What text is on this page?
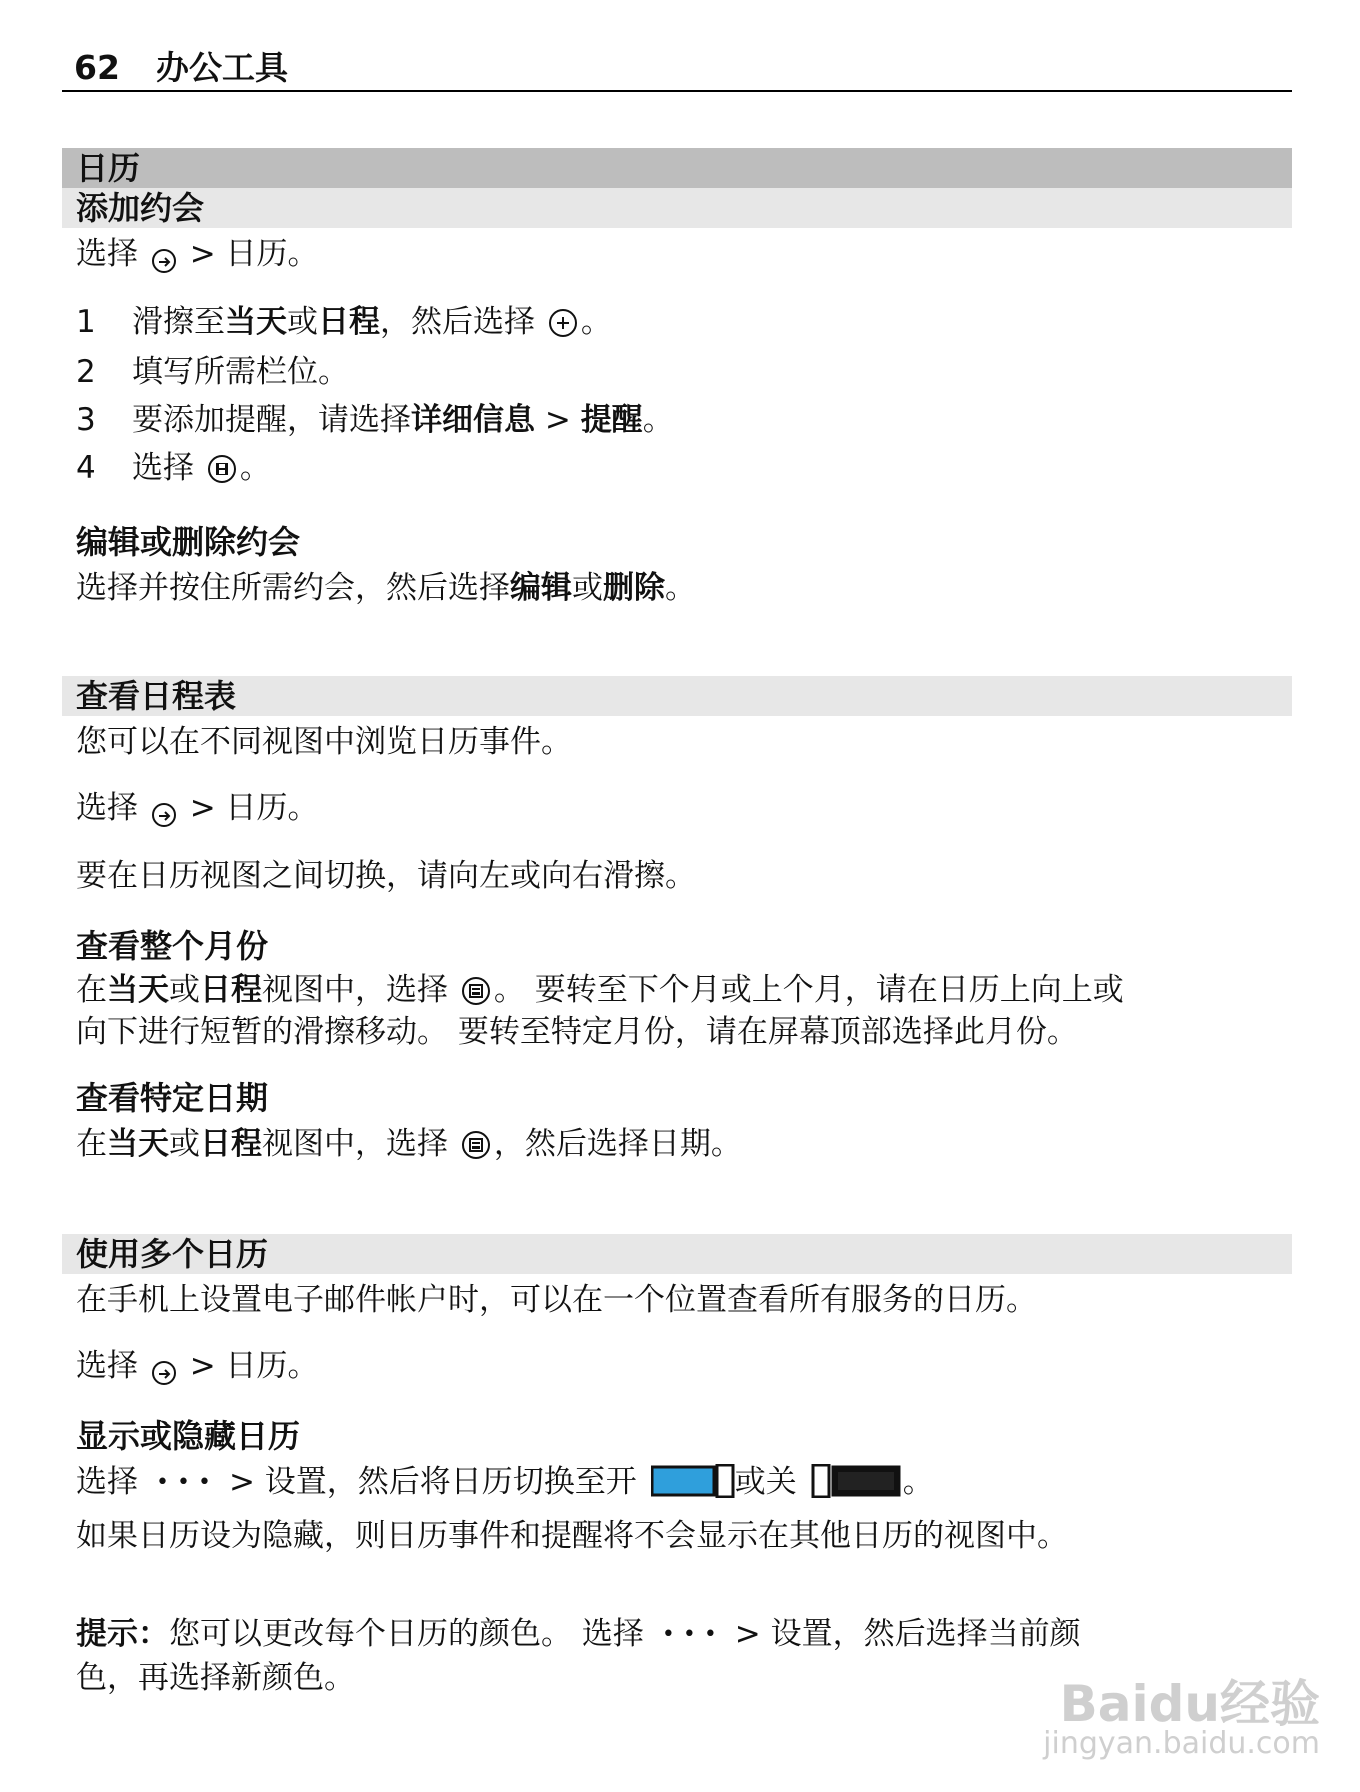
62 办公工具
日历
添加约会
选择 > 日历。
1 滑擦至当天或日程，然后选择 。
2 填写所需栏位。
3 要添加提醒，请选择详细信息 > 提醒。
4 选择 。
编辑或删除约会
选择并按住所需约会，然后选择编辑或删除。
查看日程表
您可以在不同视图中浏览日历事件。
选择 > 日历。
要在日历视图之间切换，请向左或向右滑擦。
查看整个月份
在当天或日程视图中，选择 。 要转至下个月或上个月，请在日历上向上或
向下进行短暂的滑擦移动。 要转至特定月份，请在屏幕顶部选择此月份。
查看特定日期
在当天或日程视图中，选择 ，然后选择日期。
使用多个日历
在手机上设置电子邮件帐户时，可以在一个位置查看所有服务的日历。
选择 > 日历。
显示或隐藏日历
选择 ••• > 设置，然后将日历切换至开	或关	。
如果日历设为隐藏，则日历事件和提醒将不会显示在其他日历的视图中。
提示：您可以更改每个日历的颜色。 选择 ••• > 设置，然后选择当前颜
色，再选择新颜色。	Baidu经验
jingyan.baidu.com
